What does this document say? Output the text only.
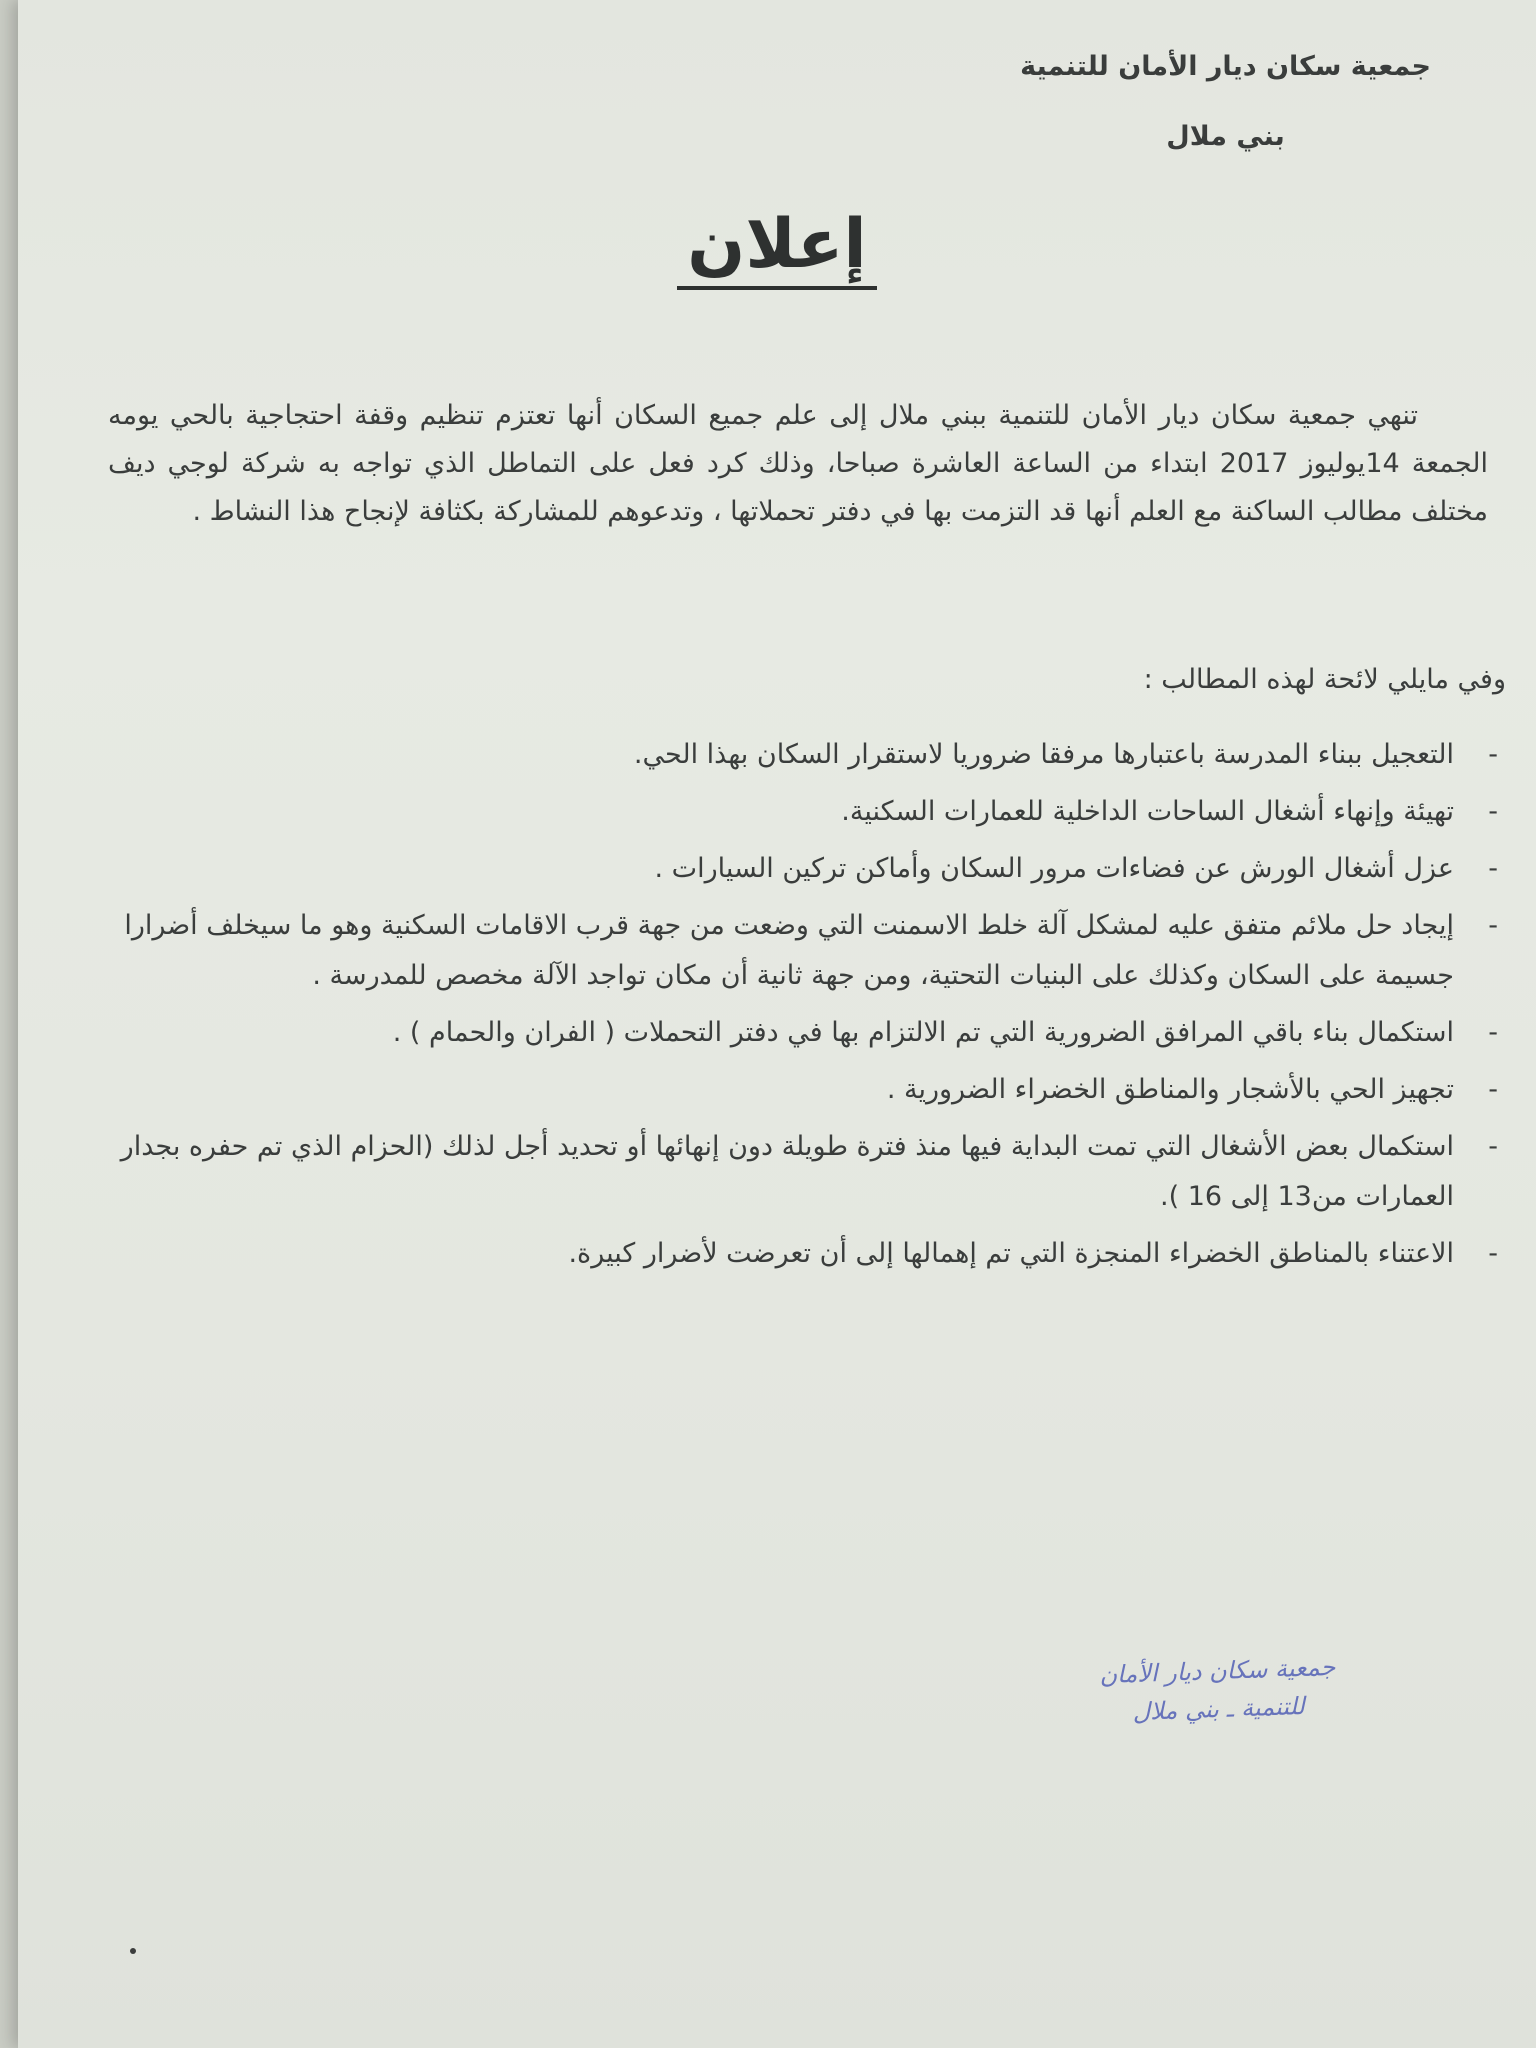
جمعية سكان ديار الأمان للتنمية
بني ملال
إعلان

تنهي جمعية سكان ديار الأمان للتنمية ببني ملال إلى علم جميع السكان أنها تعتزم تنظيم وقفة احتجاجية بالحي يومه الجمعة 14يوليوز 2017 ابتداء من الساعة العاشرة صباحا، وذلك كرد فعل على التماطل الذي تواجه به شركة لوجي ديف مختلف مطالب الساكنة مع العلم أنها قد التزمت بها في دفتر تحملاتها ، وتدعوهم للمشاركة بكثافة لإنجاح هذا النشاط .

وفي مايلي لائحة لهذه المطالب :
-
التعجيل ببناء المدرسة باعتبارها مرفقا ضروريا لاستقرار السكان بهذا الحي.
-
تهيئة وإنهاء أشغال الساحات الداخلية للعمارات السكنية.
-
عزل أشغال الورش عن فضاءات مرور السكان وأماكن تركين السيارات .
-
إيجاد حل ملائم متفق عليه لمشكل آلة خلط الاسمنت التي وضعت من جهة قرب الاقامات السكنية وهو ما سيخلف أضرارا جسيمة على السكان وكذلك على البنيات التحتية، ومن جهة ثانية أن مكان تواجد الآلة مخصص للمدرسة .
-
استكمال بناء باقي المرافق الضرورية التي تم الالتزام بها في دفتر التحملات ( الفران والحمام ) .
-
تجهيز الحي بالأشجار والمناطق الخضراء الضرورية .
-
استكمال بعض الأشغال التي تمت البداية فيها منذ فترة طويلة دون إنهائها أو تحديد أجل لذلك (الحزام الذي تم حفره بجدار العمارات من13 إلى 16 ).
-
الاعتناء بالمناطق الخضراء المنجزة التي تم إهمالها إلى أن تعرضت لأضرار كبيرة.
جمعية سكان ديار الأمان
للتنمية ـ بني ملال
